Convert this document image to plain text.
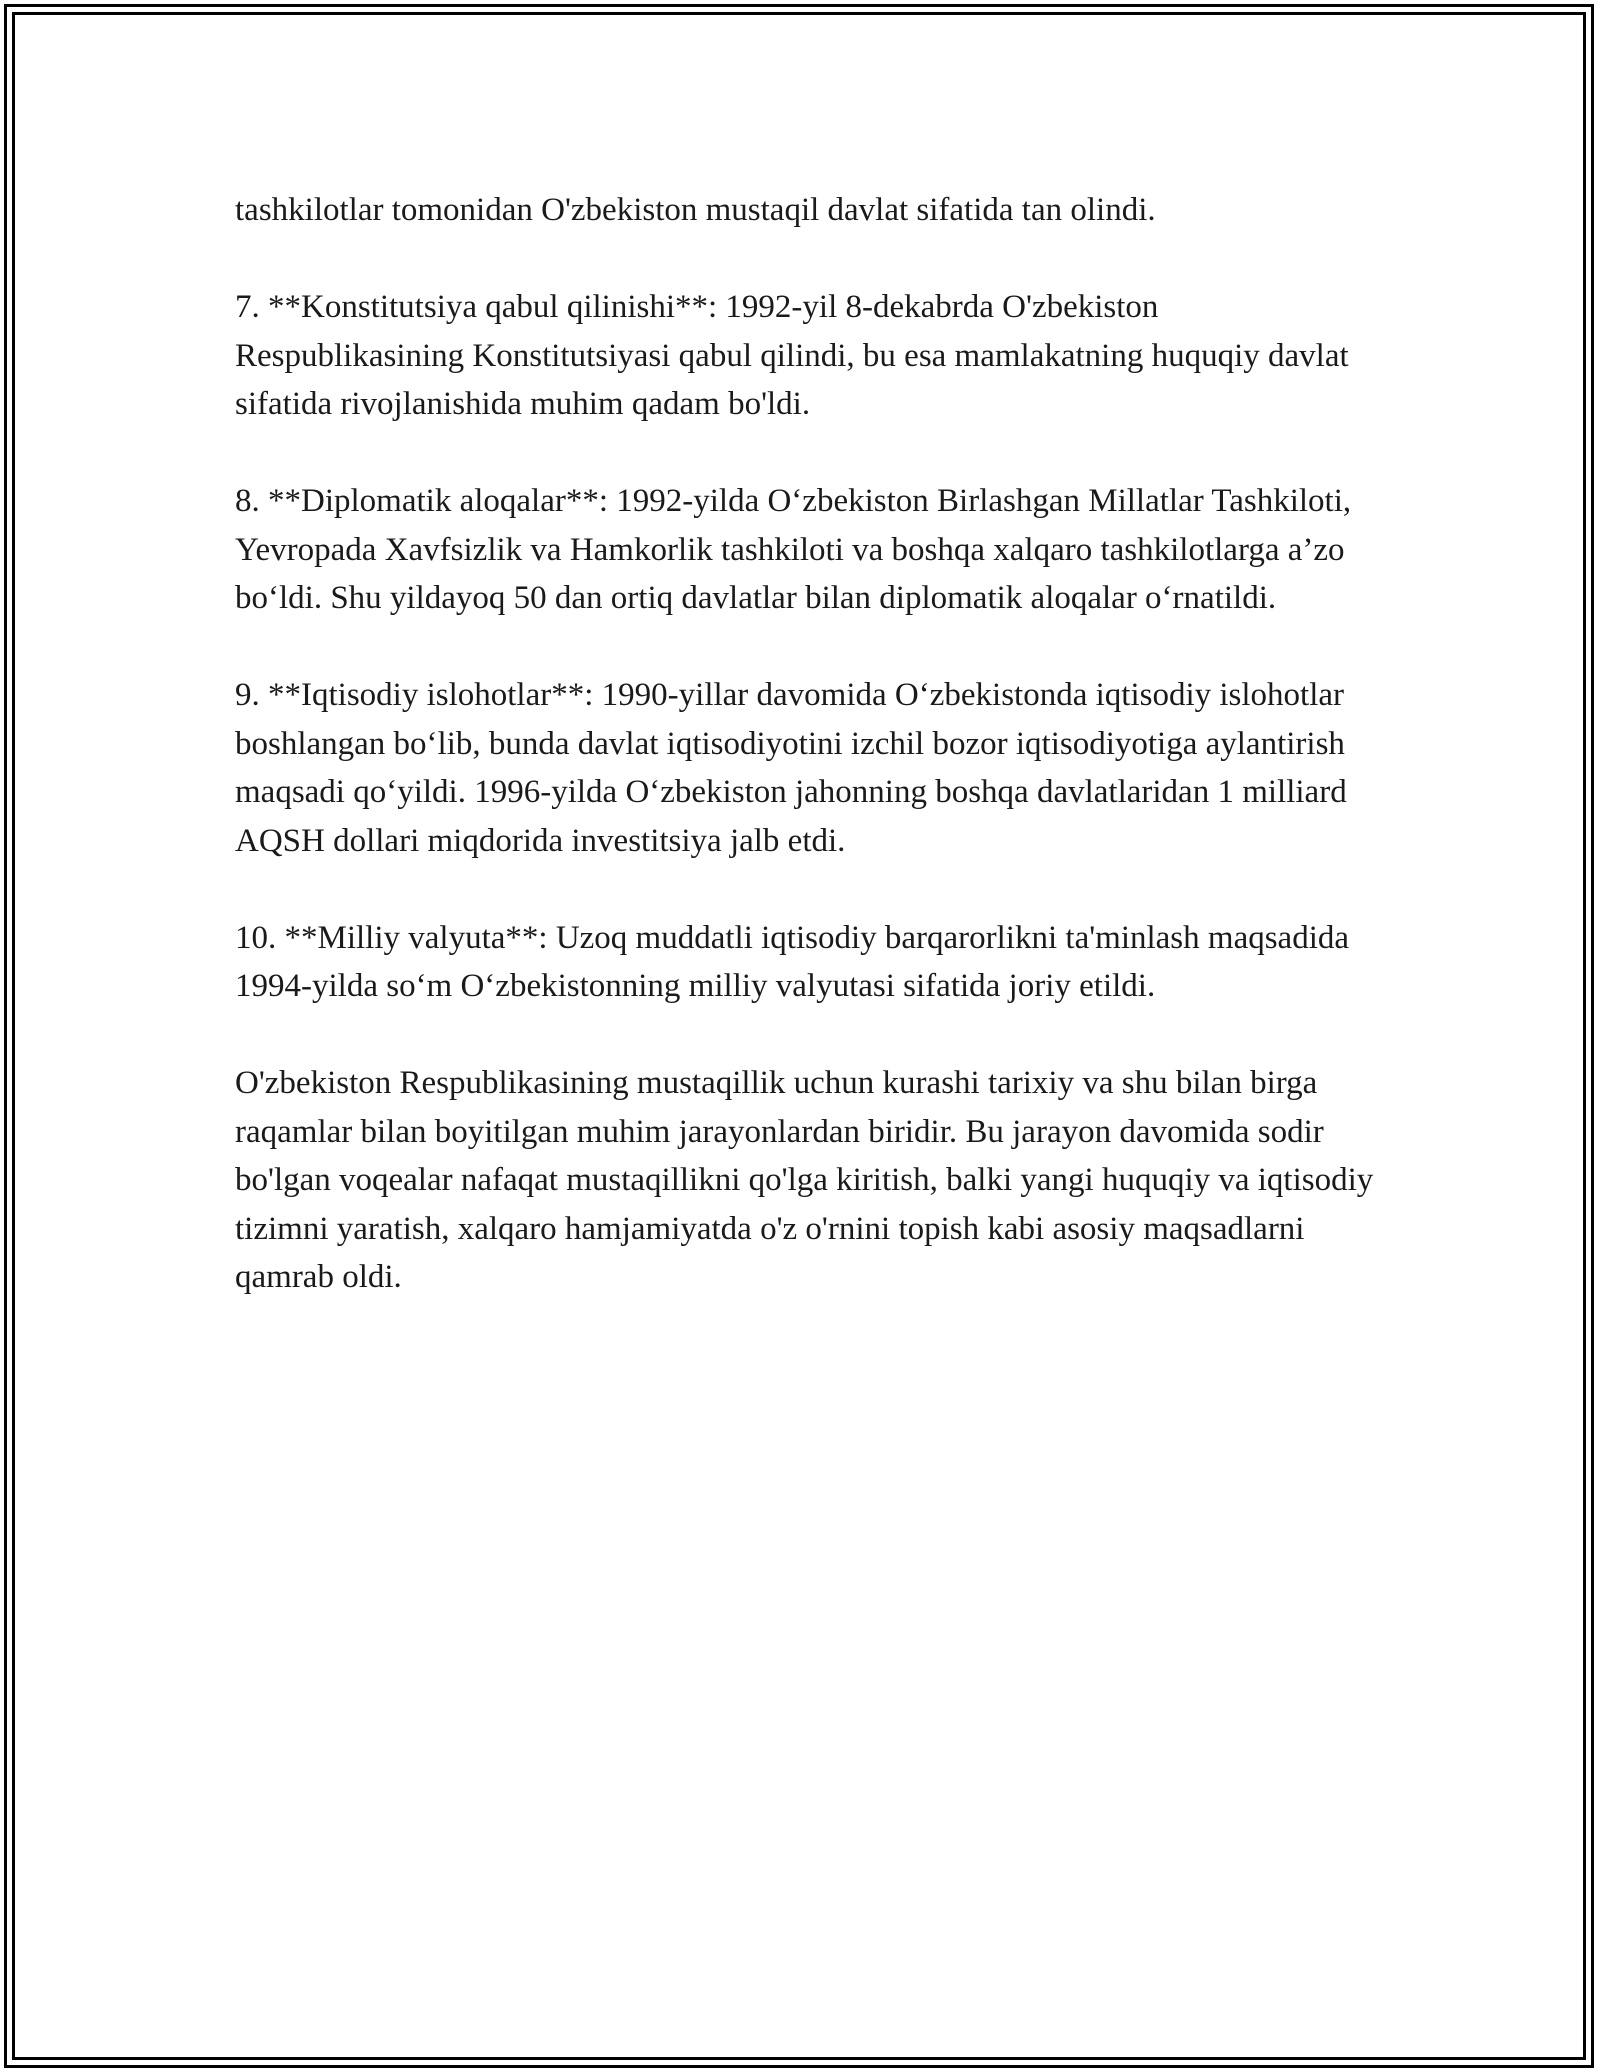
tashkilotlar tomonidan O'zbekiston mustaqil davlat sifatida tan olindi.

7. **Konstitutsiya qabul qilinishi**: 1992-yil 8-dekabrda O'zbekiston Respublikasining Konstitutsiyasi qabul qilindi, bu esa mamlakatning huquqiy davlat sifatida rivojlanishida muhim qadam bo'ldi.

8. **Diplomatik aloqalar**: 1992-yilda O‘zbekiston Birlashgan Millatlar Tashkiloti, Yevropada Xavfsizlik va Hamkorlik tashkiloti va boshqa xalqaro tashkilotlarga a’zo bo‘ldi. Shu yildayoq 50 dan ortiq davlatlar bilan diplomatik aloqalar o‘rnatildi.

9. **Iqtisodiy islohotlar**: 1990-yillar davomida O‘zbekistonda iqtisodiy islohotlar boshlangan bo‘lib, bunda davlat iqtisodiyotini izchil bozor iqtisodiyotiga aylantirish maqsadi qo‘yildi. 1996-yilda O‘zbekiston jahonning boshqa davlatlaridan 1 milliard AQSH dollari miqdorida investitsiya jalb etdi.

10. **Milliy valyuta**: Uzoq muddatli iqtisodiy barqarorlikni ta'minlash maqsadida 1994-yilda so‘m O‘zbekistonning milliy valyutasi sifatida joriy etildi.

O'zbekiston Respublikasining mustaqillik uchun kurashi tarixiy va shu bilan birga raqamlar bilan boyitilgan muhim jarayonlardan biridir. Bu jarayon davomida sodir bo'lgan voqealar nafaqat mustaqillikni qo'lga kiritish, balki yangi huquqiy va iqtisodiy tizimni yaratish, xalqaro hamjamiyatda o'z o'rnini topish kabi asosiy maqsadlarni qamrab oldi.
